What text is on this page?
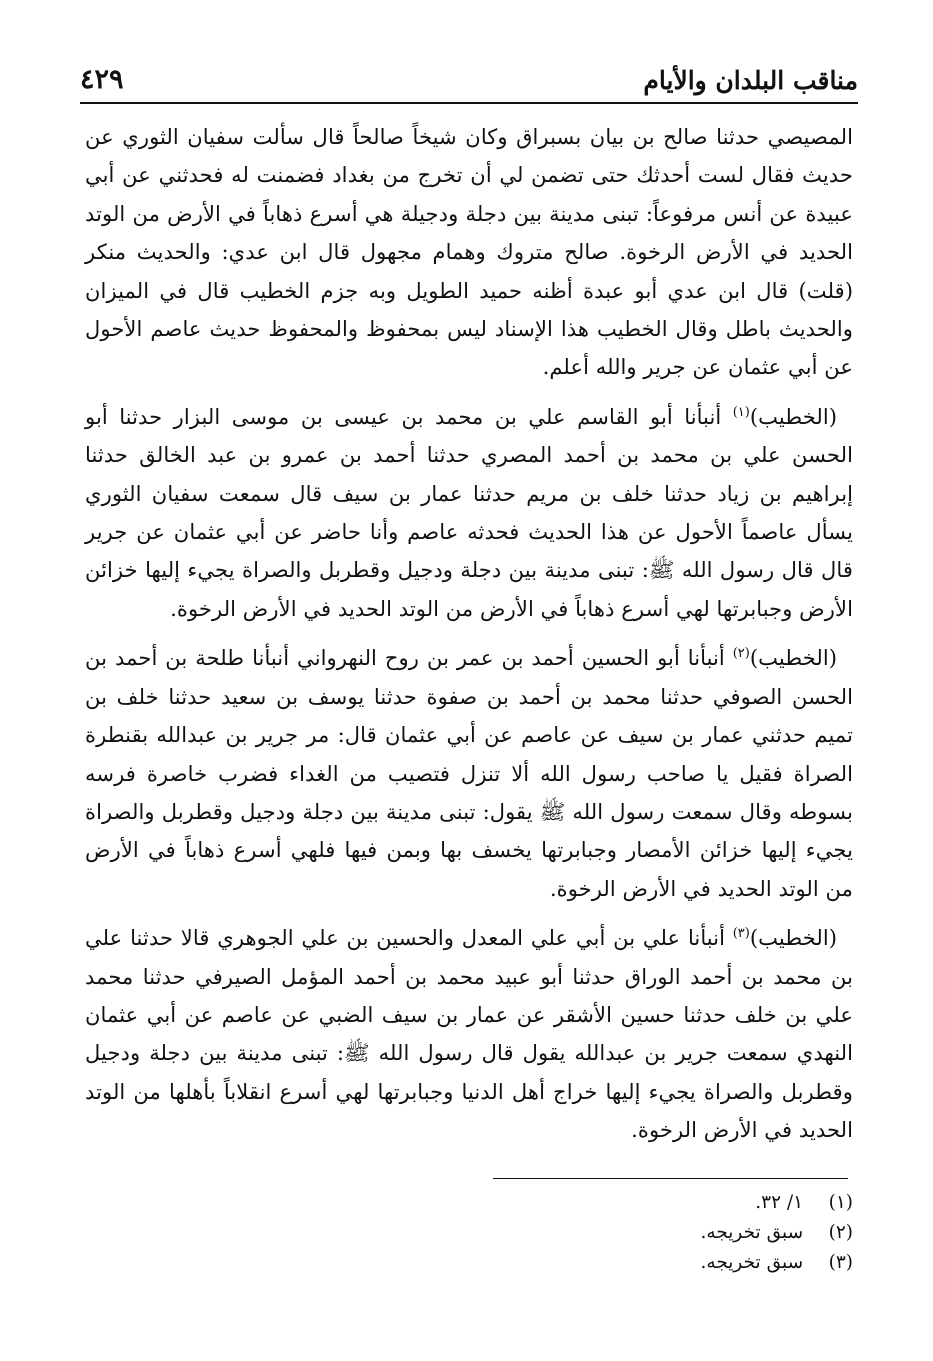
مناقب البلدان والأيام
٤٢٩

المصيصي حدثنا صالح بن بيان بسبراق وكان شيخاً صالحاً قال سألت سفيان الثوري عن حديث فقال لست أحدثك حتى تضمن لي أن تخرج من بغداد فضمنت له فحدثني عن أبي عبيدة عن أنس مرفوعاً: تبنى مدينة بين دجلة ودجيلة هي أسرع ذهاباً في الأرض من الوتد الحديد في الأرض الرخوة. صالح متروك وهمام مجهول قال ابن عدي: والحديث منكر (قلت) قال ابن عدي أبو عبدة أظنه حميد الطويل وبه جزم الخطيب قال في الميزان والحديث باطل وقال الخطيب هذا الإسناد ليس بمحفوظ والمحفوظ حديث عاصم الأحول عن أبي عثمان عن جرير والله أعلم.

(الخطيب)$^{(١)}$ أنبأنا أبو القاسم علي بن محمد بن عيسى بن موسى البزار حدثنا أبو الحسن علي بن محمد بن أحمد المصري حدثنا أحمد بن عمرو بن عبد الخالق حدثنا إبراهيم بن زياد حدثنا خلف بن مريم حدثنا عمار بن سيف قال سمعت سفيان الثوري يسأل عاصماً الأحول عن هذا الحديث فحدثه عاصم وأنا حاضر عن أبي عثمان عن جرير قال قال رسول الله ﷺ: تبنى مدينة بين دجلة ودجيل وقطربل والصراة يجيء إليها خزائن الأرض وجبابرتها لهي أسرع ذهاباً في الأرض من الوتد الحديد في الأرض الرخوة.

(الخطيب)$^{(٢)}$ أنبأنا أبو الحسين أحمد بن عمر بن روح النهرواني أنبأنا طلحة بن أحمد بن الحسن الصوفي حدثنا محمد بن أحمد بن صفوة حدثنا يوسف بن سعيد حدثنا خلف بن تميم حدثني عمار بن سيف عن عاصم عن أبي عثمان قال: مر جرير بن عبدالله بقنطرة الصراة فقيل يا صاحب رسول الله ألا تنزل فتصيب من الغداء فضرب خاصرة فرسه بسوطه وقال سمعت رسول الله ﷺ يقول: تبنى مدينة بين دجلة ودجيل وقطربل والصراة يجيء إليها خزائن الأمصار وجبابرتها يخسف بها وبمن فيها فلهي أسرع ذهاباً في الأرض من الوتد الحديد في الأرض الرخوة.

(الخطيب)$^{(٣)}$ أنبأنا علي بن أبي علي المعدل والحسين بن علي الجوهري قالا حدثنا علي بن محمد بن أحمد الوراق حدثنا أبو عبيد محمد بن أحمد المؤمل الصيرفي حدثنا محمد علي بن خلف حدثنا حسين الأشقر عن عمار بن سيف الضبي عن عاصم عن أبي عثمان النهدي سمعت جرير بن عبدالله يقول قال رسول الله ﷺ: تبنى مدينة بين دجلة ودجيل وقطربل والصراة يجيء إليها خراج أهل الدنيا وجبابرتها لهي أسرع انقلاباً بأهلها من الوتد الحديد في الأرض الرخوة.

(١) ١/ ٣٢.
(٢) سبق تخريجه.
(٣) سبق تخريجه.
